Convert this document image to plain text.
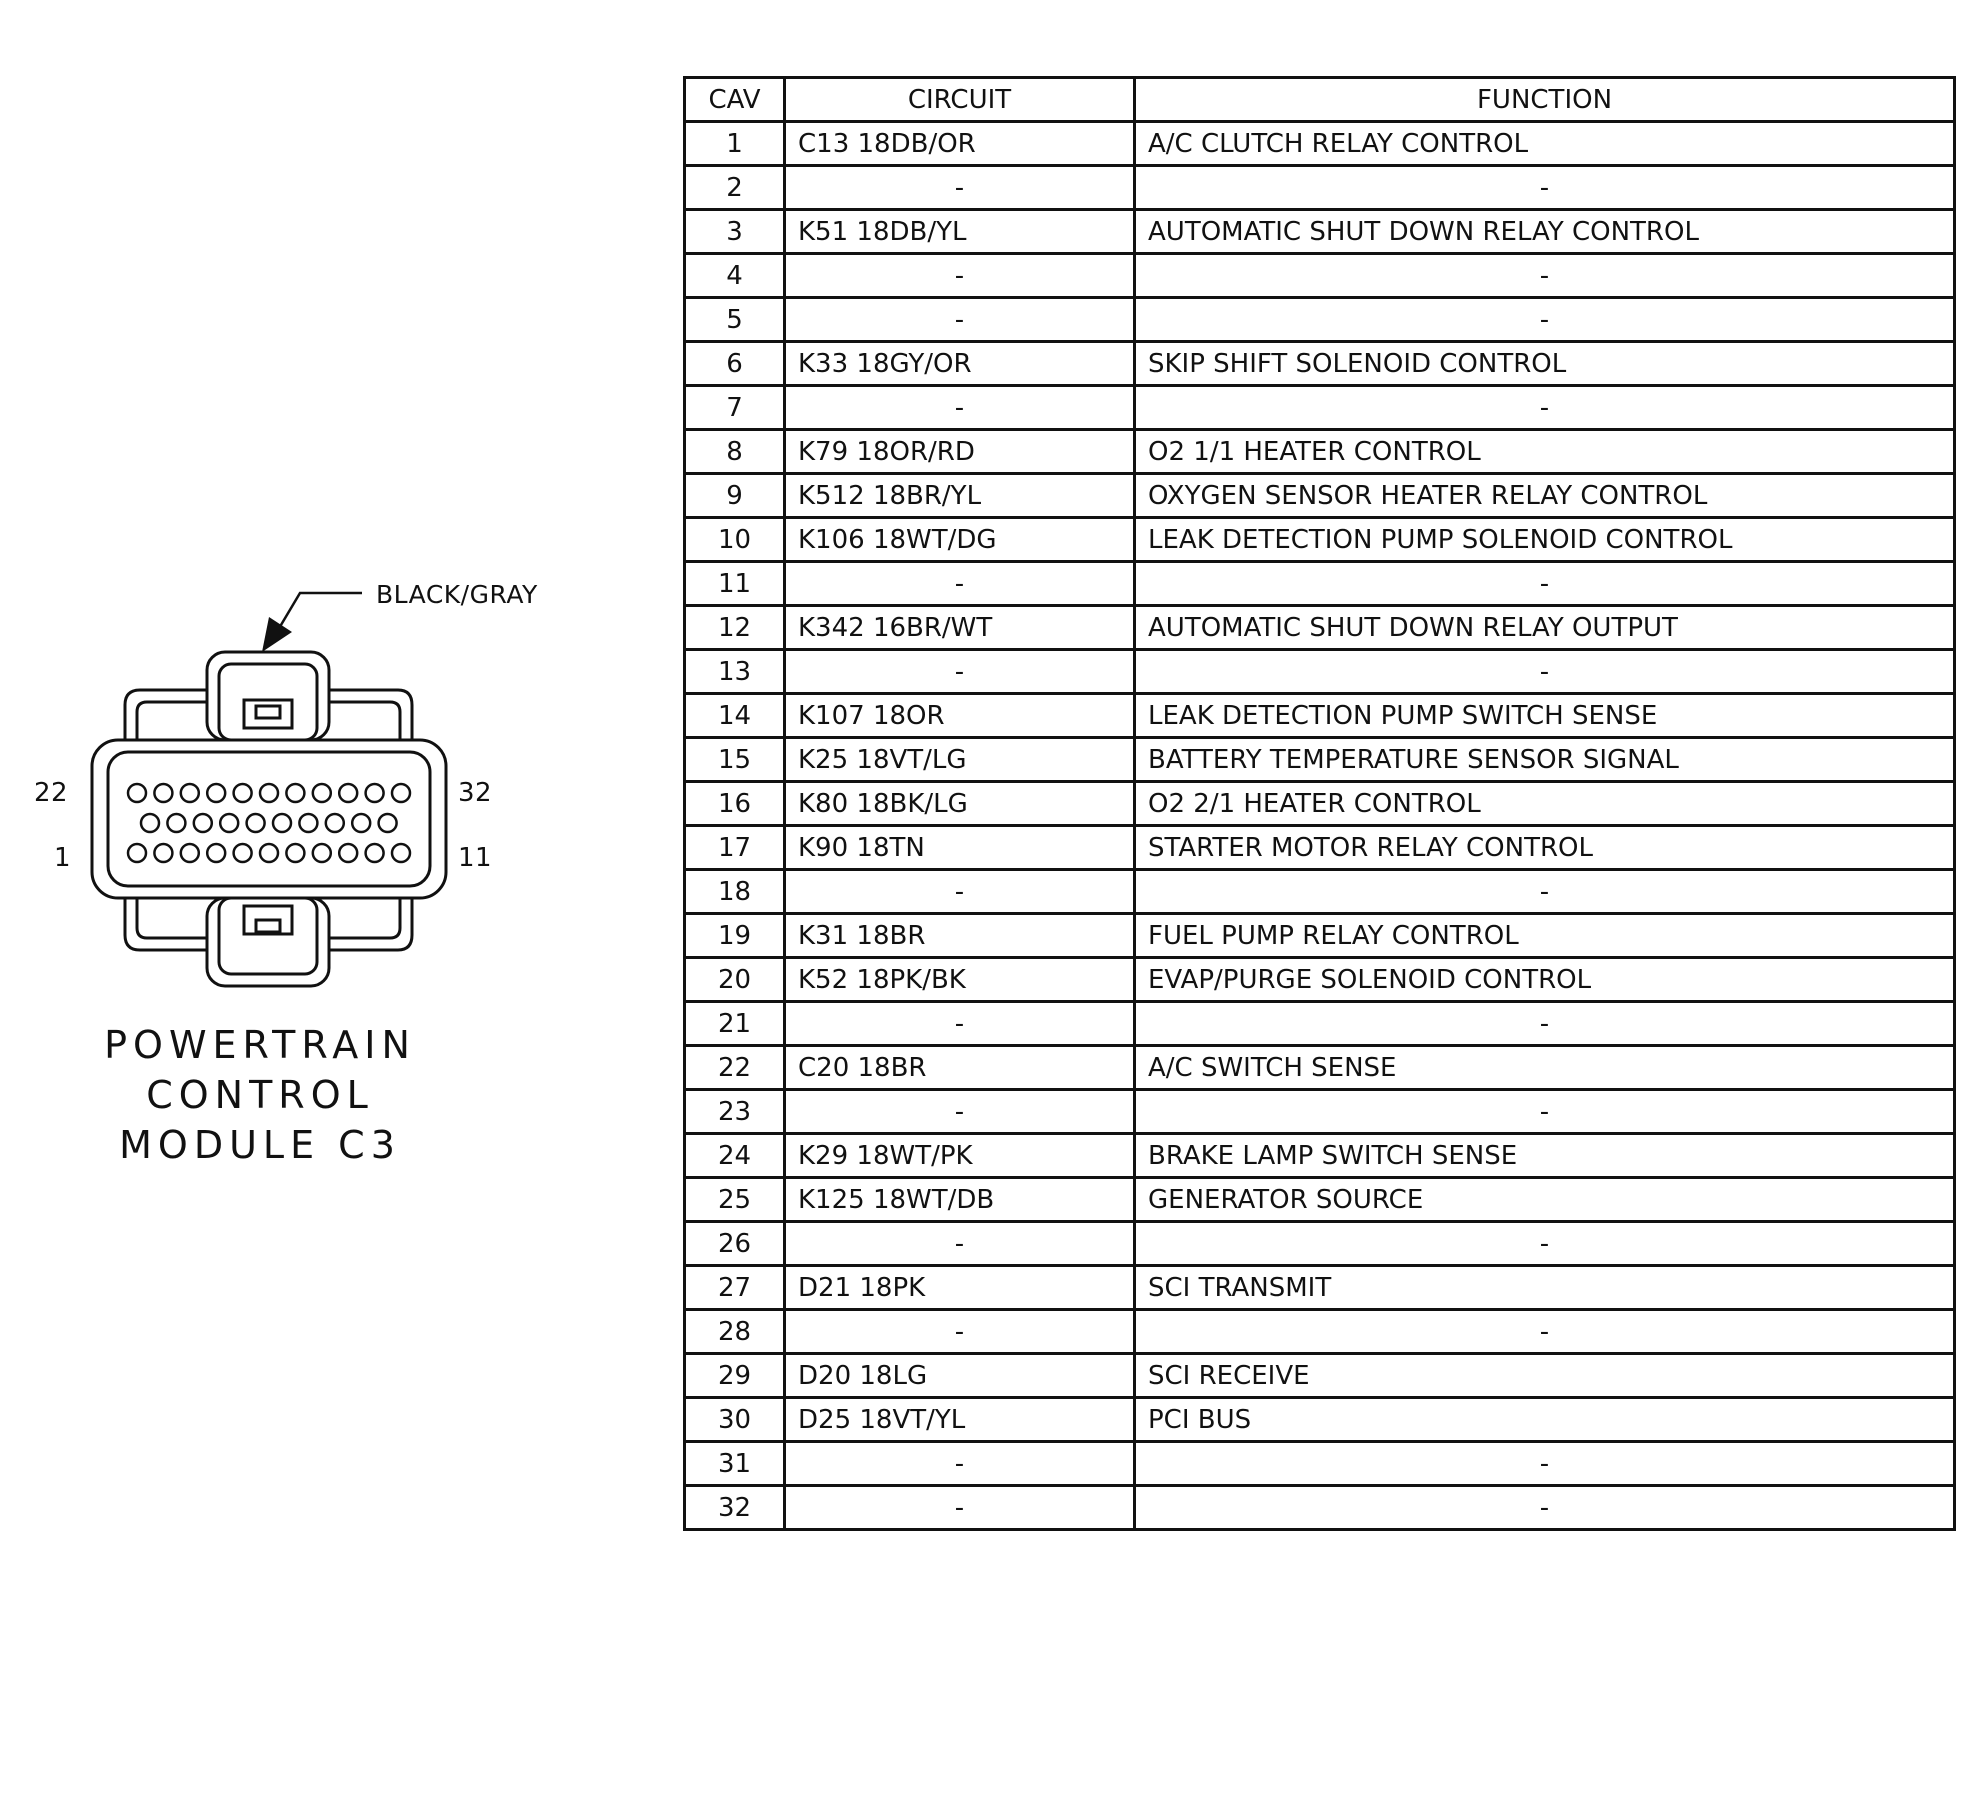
BLACK/GRAY
22
1
32
11
POWERTRAIN
CONTROL
MODULE C3
CAV	CIRCUIT	FUNCTION
1	C13 18DB/OR	A/C CLUTCH RELAY CONTROL
2	-	-
3	K51 18DB/YL	AUTOMATIC SHUT DOWN RELAY CONTROL
4	-	-
5	-	-
6	K33 18GY/OR	SKIP SHIFT SOLENOID CONTROL
7	-	-
8	K79 18OR/RD	O2 1/1 HEATER CONTROL
9	K512 18BR/YL	OXYGEN SENSOR HEATER RELAY CONTROL
10	K106 18WT/DG	LEAK DETECTION PUMP SOLENOID CONTROL
11	-	-
12	K342 16BR/WT	AUTOMATIC SHUT DOWN RELAY OUTPUT
13	-	-
14	K107 18OR	LEAK DETECTION PUMP SWITCH SENSE
15	K25 18VT/LG	BATTERY TEMPERATURE SENSOR SIGNAL
16	K80 18BK/LG	O2 2/1 HEATER CONTROL
17	K90 18TN	STARTER MOTOR RELAY CONTROL
18	-	-
19	K31 18BR	FUEL PUMP RELAY CONTROL
20	K52 18PK/BK	EVAP/PURGE SOLENOID CONTROL
21	-	-
22	C20 18BR	A/C SWITCH SENSE
23	-	-
24	K29 18WT/PK	BRAKE LAMP SWITCH SENSE
25	K125 18WT/DB	GENERATOR SOURCE
26	-	-
27	D21 18PK	SCI TRANSMIT
28	-	-
29	D20 18LG	SCI RECEIVE
30	D25 18VT/YL	PCI BUS
31	-	-
32	-	-
